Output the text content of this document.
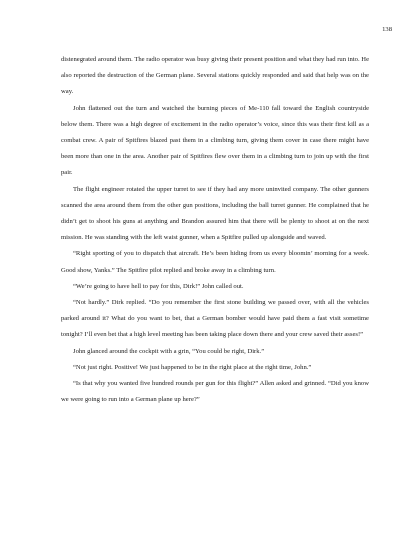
138

distenegrated around them. The radio operator was busy giving their present position and what they had run into. He also reported the destruction of the German plane. Several stations quickly responded and said that help was on the way.

John flattened out the turn and watched the burning pieces of Me-110 fall toward the English countryside below them. There was a high degree of excitement in the radio operator’s voice, since this was their first kill as a combat crew. A pair of Spitfires blazed past them in a climbing turn, giving them cover in case there might have been more than one in the area. Another pair of Spitfires flew over them in a climbing turn to join up with the first pair.

The flight engineer rotated the upper turret to see if they had any more uninvited company. The other gunners scanned the area around them from the other gun positions, including the ball turret gunner. He complained that he didn’t get to shoot his guns at anything and Brandon assured him that there will be plenty to shoot at on the next mission. He was standing with the left waist gunner, when a Spitfire pulled up alongside and waved.

“Right sporting of you to dispatch that aircraft. He’s been hiding from us every bloomin’ morning for a week. Good show, Yanks.” The Spitfire pilot replied and broke away in a climbing turn.

“We’re going to have hell to pay for this, Dirk!” John called out.

“Not hardly.” Dirk replied. “Do you remember the first stone building we passed over, with all the vehicles parked around it? What do you want to bet, that a German bomber would have paid them a fast visit sometime tonight? I’ll even bet that a high level meeting has been taking place down there and your crew saved their asses!”

John glanced around the cockpit with a grin, “You could be right, Dirk.”

“Not just right. Positive! We just happened to be in the right place at the right time, John.”

“Is that why you wanted five hundred rounds per gun for this flight?” Allen asked and grinned. “Did you know we were going to run into a German plane up here?”
